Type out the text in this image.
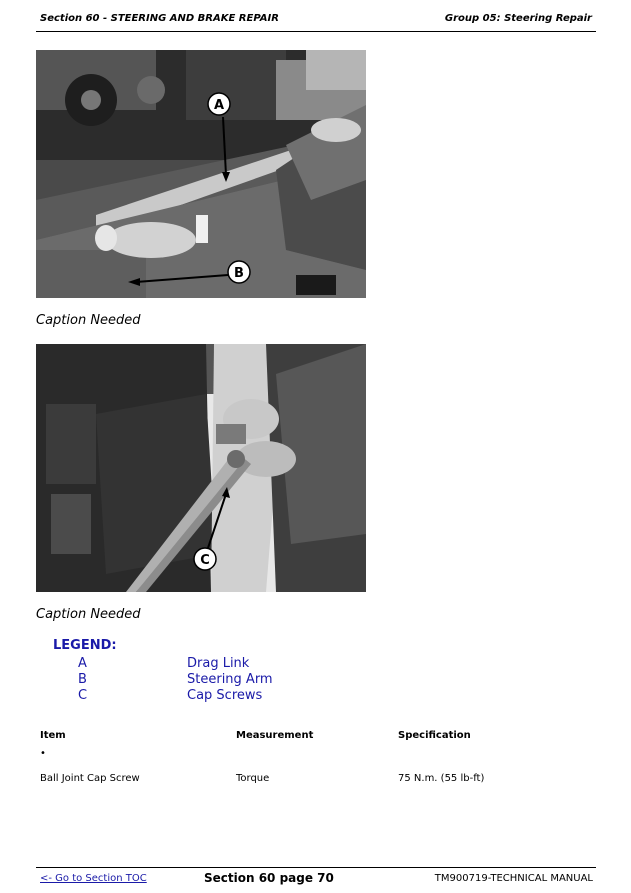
Section 60 - STEERING AND BRAKE REPAIR	Group 05: Steering Repair
A
B
Caption Needed
C
Caption Needed
LEGEND:
A	Drag Link
B	Steering Arm
C	Cap Screws
Item	Measurement	Specification
•
Ball Joint Cap Screw	Torque	75 N.m. (55 lb-ft)
<- Go to Section TOC	Section 60 page 70	TM900719-TECHNICAL MANUAL
